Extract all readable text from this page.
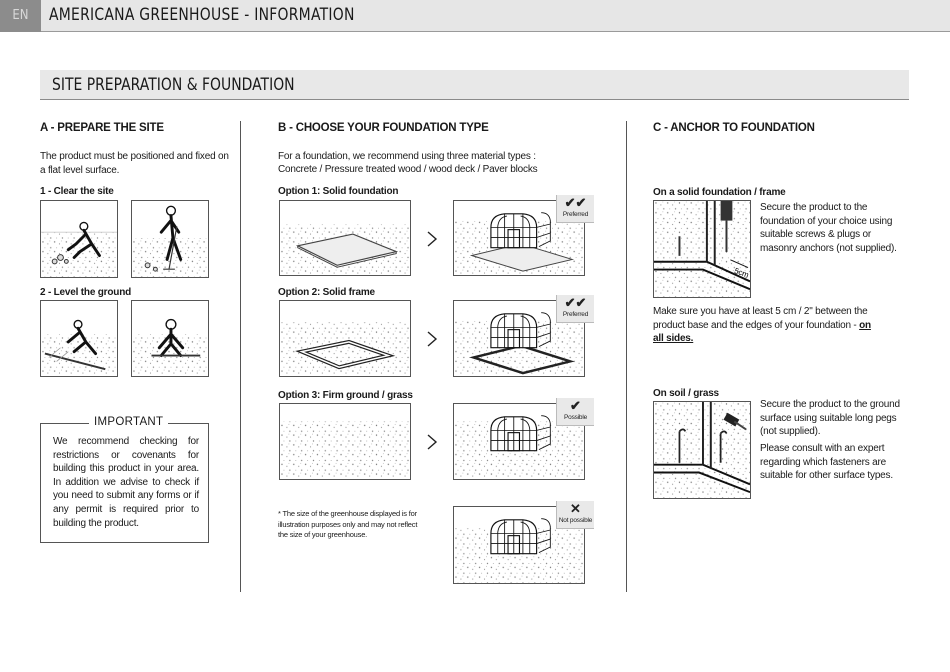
EN	AMERICANA GREENHOUSE - INFORMATION
SITE PREPARATION & FOUNDATION
A - PREPARE THE SITE
The product must be positioned and fixed on a flat level surface.
1 - Clear the site
2 - Level the ground
IMPORTANT
We recommend checking for restrictions or covenants for building this product in your area. In addition we advise to check if you need to submit any forms or if any permit is required prior to building the product.
B - CHOOSE YOUR FOUNDATION TYPE
For a foundation, we recommend using three material types :
Concrete / Pressure treated wood / wood deck / Paver blocks
Option 1: Solid foundation
✔✔
Preferred
Option 2: Solid frame
✔✔
Preferred
Option 3: Firm ground / grass
✔
Possible
* The size of the greenhouse displayed is for illustration purposes only and may not reflect the size of your greenhouse.
✕
Not possible
C - ANCHOR TO FOUNDATION
On a solid foundation / frame
5cm
Secure the product to the foundation of your choice using suitable screws & plugs or masonry anchors (not supplied).
Make sure you have at least 5 cm / 2" between the product base and the edges of your foundation - on all sides.
On soil / grass
Secure the product to the ground surface using suitable long pegs (not supplied).
Please consult with an expert regarding which fasteners are suitable for other surface types.
